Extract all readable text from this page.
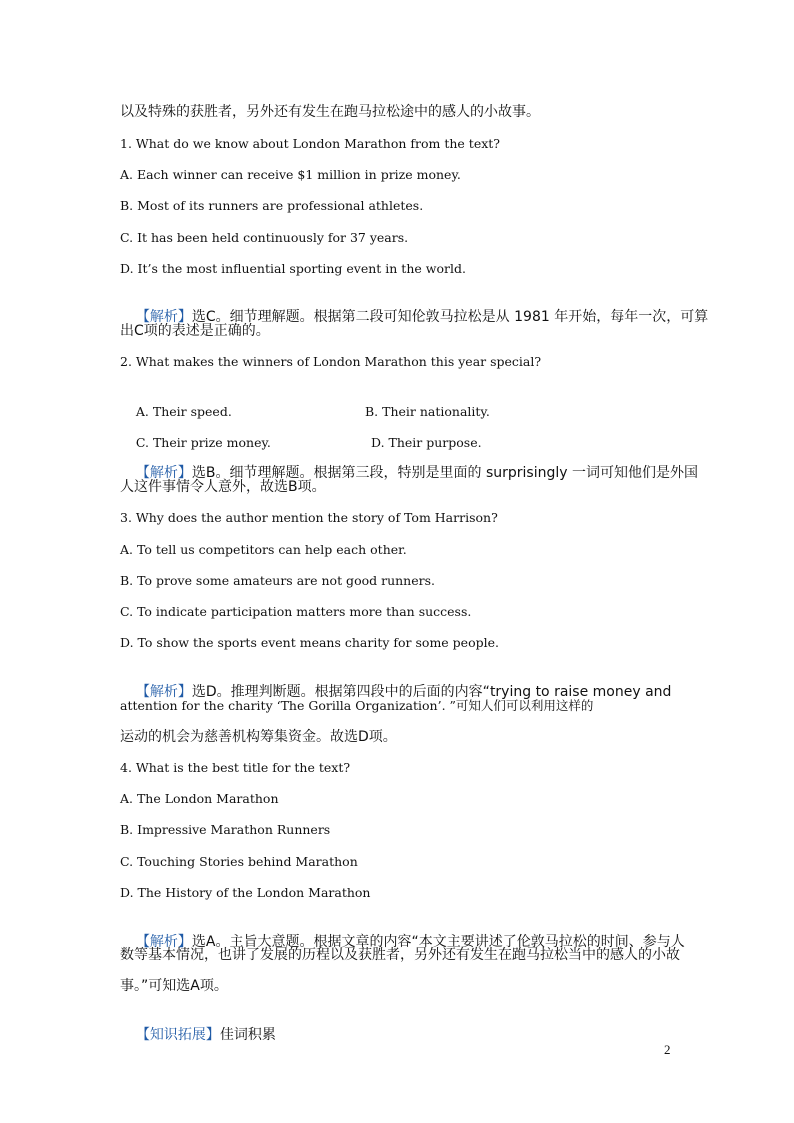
以及特殊的获胜者，另外还有发生在跑马拉松途中的感人的小故事。
1. What do we know about London Marathon from the text?
A. Each winner can receive $1 million in prize money.
B. Most of its runners are professional athletes.
C. It has been held continuously for 37 years.
D. It’s the most influential sporting event in the world.

【解析】选C。细节理解题。根据第二段可知伦敦马拉松是从 1981 年开始，每年一次，可算

出C项的表述是正确的。
2. What makes the winners of London Marathon this year special?

A. Their speed.	B. Their nationality.

C. Their prize money.	D. Their purpose.

【解析】选B。细节理解题。根据第三段，特别是里面的 surprisingly 一词可知他们是外国

人这件事情令人意外，故选B项。
3. Why does the author mention the story of Tom Harrison?
A. To tell us competitors can help each other.
B. To prove some amateurs are not good runners.
C. To indicate participation matters more than success.
D. To show the sports event means charity for some people.

【解析】选D。推理判断题。根据第四段中的后面的内容“trying to raise money and

attention for the charity ‘The Gorilla Organization’. ”可知人们可以利用这样的
运动的机会为慈善机构筹集资金。故选D项。
4. What is the best title for the text?
A. The London Marathon
B. Impressive Marathon Runners
C. Touching Stories behind Marathon
D. The History of the London Marathon

【解析】选A。主旨大意题。根据文章的内容“本文主要讲述了伦敦马拉松的时间、参与人

数等基本情况，也讲了发展的历程以及获胜者，另外还有发生在跑马拉松当中的感人的小故
事。”可知选A项。

【知识拓展】佳词积累

2
